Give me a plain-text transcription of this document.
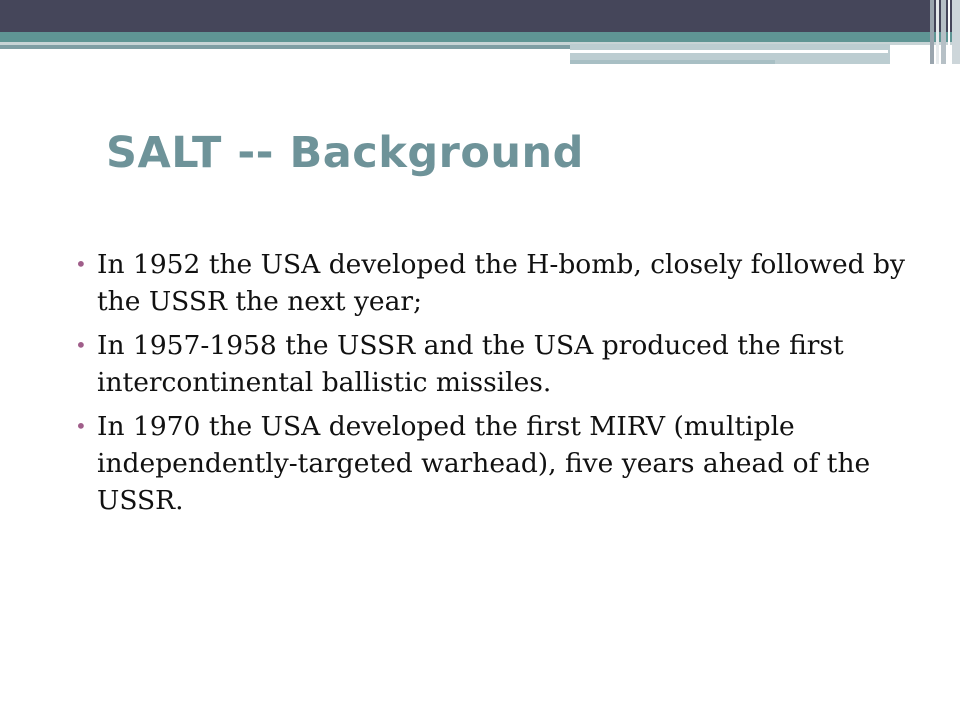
SALT -- Background
• In 1952 the USA developed the H-bomb, closely followed by the USSR the next year;
• In 1957-1958 the USSR and the USA produced the first intercontinental ballistic missiles.
• In 1970 the USA developed the first MIRV (multiple independently-targeted warhead), five years ahead of the USSR.
